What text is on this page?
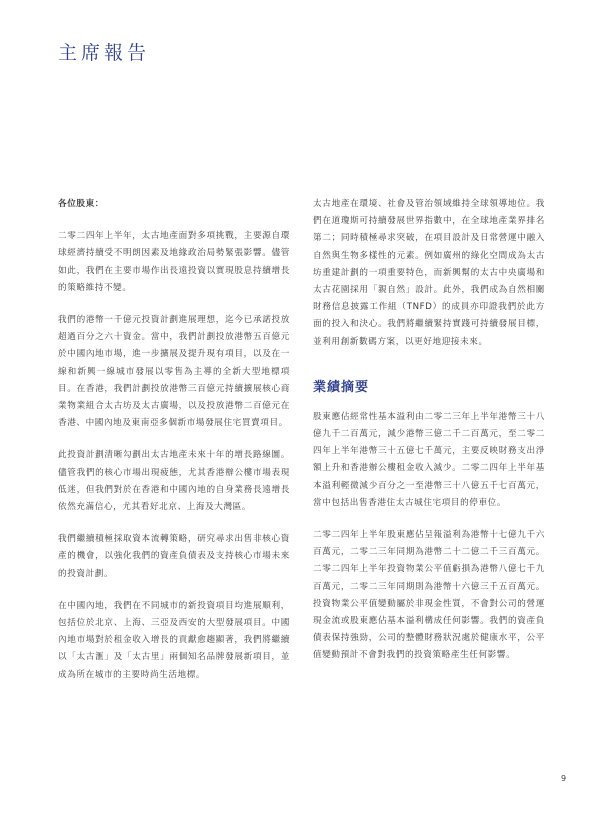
主席報告
各位股東：

二零二四年上半年，太古地產面對多項挑戰，主要源自環球經濟持續受不明朗因素及地緣政治局勢緊張影響。儘管如此，我們在主要市場作出長遠投資以實現股息持續增長的策略維持不變。

我們的港幣一千億元投資計劃進展理想，迄今已承諾投放超過百分之六十資金。當中，我們計劃投放港幣五百億元於中國內地市場，進一步擴展及提升現有項目，以及在一線和新興一線城市發展以零售為主導的全新大型地標項目。在香港，我們計劃投放港幣三百億元持續擴展核心商業物業組合太古坊及太古廣場，以及投放港幣二百億元在香港、中國內地及東南亞多個新市場發展住宅買賣項目。

此投資計劃清晰勾劃出太古地產未來十年的增長路線圖。儘管我們的核心市場出現疲態，尤其香港辦公樓市場表現低迷，但我們對於在香港和中國內地的自身業務長遠增長依然充滿信心，尤其看好北京、上海及大灣區。

我們繼續積極採取資本流轉策略，研究尋求出售非核心資產的機會，以強化我們的資產負債表及支持核心市場未來的投資計劃。

在中國內地，我們在不同城市的新投資項目均進展順利，包括位於北京、上海、三亞及西安的大型發展項目。中國內地市場對於租金收入增長的貢獻愈趨顯著，我們將繼續以「太古滙」及「太古里」兩個知名品牌發展新項目，並成為所在城市的主要時尚生活地標。

太古地產在環境、社會及管治領域維持全球領導地位。我們在道瓊斯可持續發展世界指數中，在全球地產業界排名第二；同時積極尋求突破，在項目設計及日常營運中融入自然與生物多樣性的元素。例如廣州的綠化空間成為太古坊重建計劃的一項重要特色，而新興幫的太古中央廣場和太古花園採用「親自然」設計。此外，我們成為自然相關財務信息披露工作組（TNFD）的成員亦印證我們於此方面的投入和決心。我們將繼續緊持實踐可持續發展目標，並利用創新數碼方案，以更好地迎接未來。

業績摘要

股東應佔經常性基本溢利由二零二三年上半年港幣三十八億九千二百萬元，減少港幣三億二千二百萬元，至二零二四年上半年港幣三十五億七千萬元，主要反映財務支出淨額上升和香港辦公樓租金收入減少。二零二四年上半年基本溢利輕微減少百分之一至港幣三十八億五千七百萬元，當中包括出售香港住太古城住宅項目的停車位。

二零二四年上半年股東應佔呈報溢利為港幣十七億九千六百萬元，二零二三年同期為港幣二十二億二千三百萬元。二零二四年上半年投資物業公平值虧損為港幣八億七千九百萬元，二零二三年同期則為港幣十六億三千五百萬元。投資物業公平值變動屬於非現金性質，不會對公司的營運現金流或股東應佔基本溢利構成任何影響。我們的資產負債表保持強勁，公司的整體財務狀況處於健康水平，公平值變動預計不會對我們的投資策略產生任何影響。

9
